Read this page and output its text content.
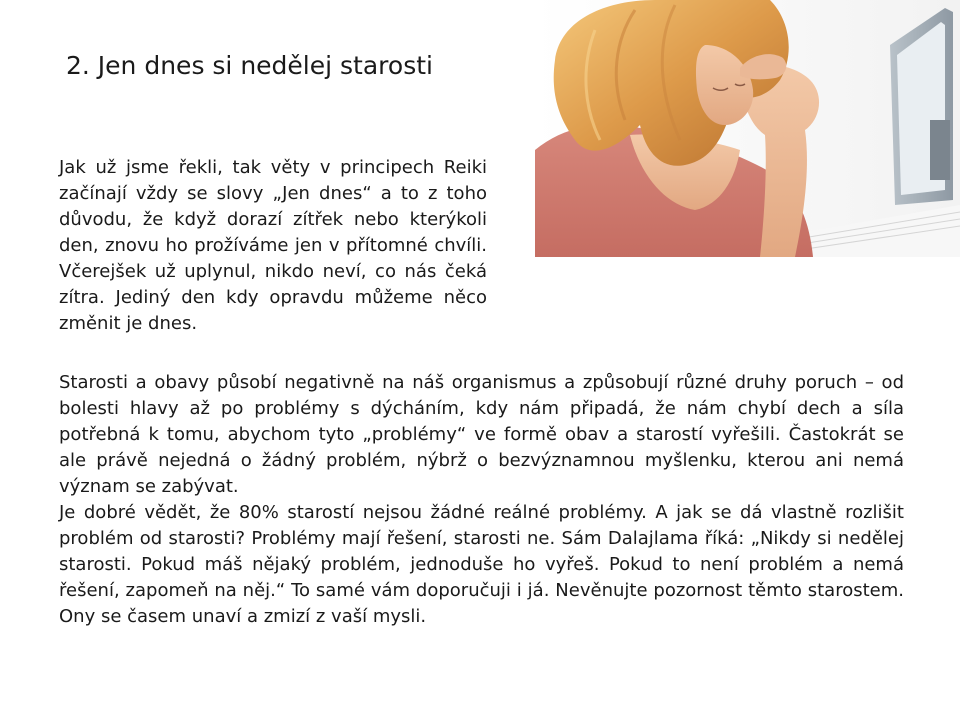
2. Jen dnes si nedělej starosti
Jak už jsme řekli, tak věty v principech Reiki začínají vždy se slovy „Jen dnes“ a to z toho důvodu, že když dorazí zítřek nebo kterýkoli den, znovu ho prožíváme jen v přítomné chvíli. Včerejšek už uplynul, nikdo neví, co nás čeká zítra. Jediný den kdy opravdu můžeme něco změnit je dnes.

Starosti a obavy působí negativně na náš organismus a způsobují různé druhy poruch – od bolesti hlavy až po problémy s dýcháním, kdy nám připadá, že nám chybí dech a síla potřebná k tomu, abychom tyto „problémy“ ve formě obav a starostí vyřešili. Častokrát se ale právě nejedná o žádný problém, nýbrž o bezvýznamnou myšlenku, kterou ani nemá význam se zabývat.

Je dobré vědět, že 80% starostí nejsou žádné reálné problémy. A jak se dá vlastně rozlišit problém od starosti? Problémy mají řešení, starosti ne. Sám Dalajlama říká: „Nikdy si nedělej starosti. Pokud máš nějaký problém, jednoduše ho vyřeš. Pokud to není problém a nemá řešení, zapomeň na něj.“ To samé vám doporučuji i já. Nevěnujte pozornost těmto starostem. Ony se časem unaví a zmizí z vaší mysli.
